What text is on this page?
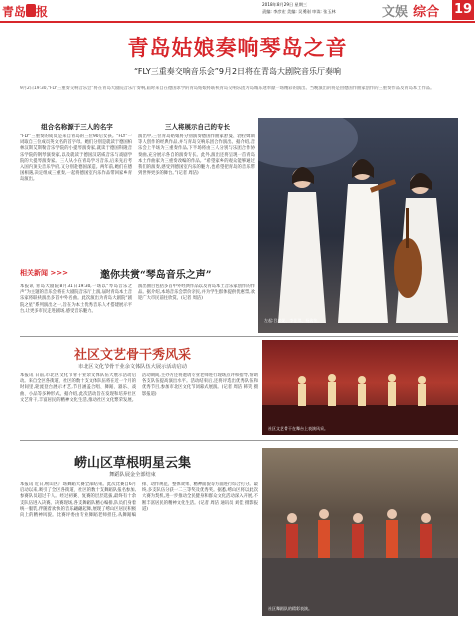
青岛 报
2018年8月29日 星期三
责编: 李彦宏 美编: 吴勇刚 审读: 张玉林	文娱 综合 19
青岛姑娘奏响琴岛之音
“FLY三重奏交响音乐会”9月2日将在青岛大剧院音乐厅奏响
9月2日19:30,“FLY三重奏交响音乐会”将在青岛大剧院音乐厅奏响,届时来自在德国求学的青岛姑娘将联袂青岛交响乐团为岛城乐迷奉献一场精彩的演出。当晚演出的将是由德国作曲家创作的三重奏作品及青岛本土作品。
组合名称源于三人的名字
“FLY”三重奏的成员是来自青岛的三位90后女孩。“FLY”一词取自三位成员英文名的首字母。她们分别是就读于德国柏林汉斯艾斯勒音乐学院的小提琴演奏家,就读于德国科隆音乐学院的钢琴演奏家,以及就读于德国汉诺威音乐与戏剧学院的大提琴演奏家。三人从小在青岛学习音乐,后来先后考入国内顶尖音乐学府,又分别赴德国深造。两年前,她们在德国相遇,决定组成三重奏,一起将德国室内乐作品带回家乡青岛演出。
三人将展示自己的专长
演出中,三位青岛姑娘将分别演奏德国作曲家舒曼、勃拉姆斯等人创作的经典作品,并与青岛交响乐团合作演出。据介绍,音乐会上半场为三重奏作品,下半场将由三人分别与乐团合作协奏曲,充分展示各自的演奏专长。此外,演出还将呈现一首青岛本土作曲家为三重奏改编的作品。“希望家乡的观众能够通过我们的演奏,感受到德国室内乐的魅力,也希望把青岛的音乐带到世界更多的舞台。”(记者 周洁)
左起:吕彦妮、李佳琪、杨鑫怡。
相关新闻 >>>	邀你共赏“琴岛音乐之声”
本报讯 青岛大剧院8月31日19:30,一场以“琴岛音乐之声”为主题的音乐会将在大剧院音乐厅上演,届时青岛本土音乐家将联袂演出多首中外名曲。此次演出为青岛大剧院“剧院之星”系列演出之一,旨在为本土优秀音乐人才搭建展示平台,让更多市民走进剧场,感受音乐魅力。
演出曲目包括多首中外经典作品以及青岛本土音乐家创作的作品。据介绍,本场音乐会票价亲民,并为学生群体提供优惠票,欢迎广大市民前往欣赏。(记者 周洁)
社区文艺骨干秀风采
市北区文化节骨干业余文体队伍大展示活动启动
本报讯 日前,市北区文化节骨干业余文体队伍大展示活动启动。来自全区各街道、社区的数十支文体队伍将在近一个月的时间里,轮流登台展示才艺,节目涵盖合唱、舞蹈、器乐、戏曲、小品等多种形式。据介绍,此次活动旨在发现和培养社区文艺骨干,丰富居民的精神文化生活,推动社区文化繁荣发展。活动期间,主办方还将邀请专业老师进行现场点评和指导,帮助各支队伍提高演出水平。活动结束后,还将评选出优秀队伍和优秀节目,参加市北区文化节闭幕式展演。(记者 周洁 韩笑 摄影报道)
社区文艺骨干在舞台上表演风采。
崂山区草根明星云集
舞蹈队展金全部结束
本报讯 近日,崂山区广场舞蹈大赛全部结束。此次比赛自6月启动以来,吸引了全区各街道、社区的数十支舞蹈队报名参加,参赛队员超过千人。经过初赛、复赛的层层选拔,最终有十余支队伍进入决赛。决赛现场,各支舞蹈队精心编排,队员们身着统一服装,伴随着欢快的音乐翩翩起舞,展现了崂山区居民积极向上的精神风貌。比赛评委由专业舞蹈老师担任,从舞蹈编排、动作规范、整体效果、精神面貌等方面进行综合打分。最终,多支队伍分获一二三等奖及优秀奖。据悉,崂山区将以此次大赛为契机,进一步推动全民健身和群众文化活动深入开展,不断丰富居民的精神文化生活。(记者 周洁 通讯员 刘佳 摄影报道)
社区舞蹈队的精彩表演。
